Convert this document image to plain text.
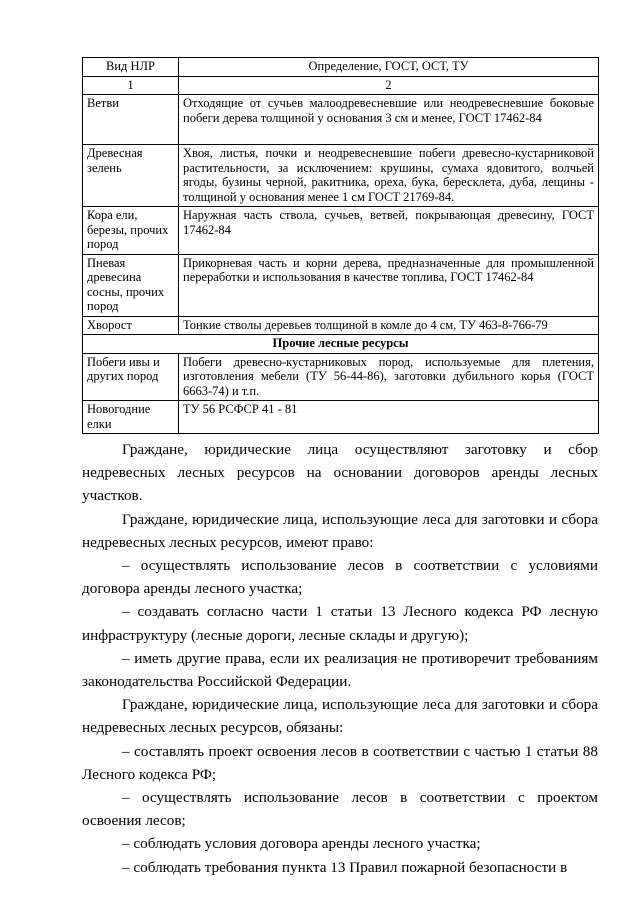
Вид НЛР	Определение, ГОСТ, ОСТ, ТУ
1	2
Ветви	Отходящие от сучьев малоодревесневшие или неодревесневшие боковые побеги дерева толщиной у основания 3 см и менее, ГОСТ 17462-84
Древесная зелень	Хвоя, листья, почки и неодревесневшие побеги древесно-кустарниковой растительности, за исключением: крушины, сумаха ядовитого, волчьей ягоды, бузины черной, ракитника, ореха, бука, бересклета, дуба, лещины - толщиной у основания менее 1 см ГОСТ 21769-84.
Кора ели, березы, прочих пород	Наружная часть ствола, сучьев, ветвей, покрывающая древесину, ГОСТ 17462-84
Пневая древесина сосны, прочих пород	Прикорневая часть и корни дерева, предназначенные для промышленной переработки и использования в качестве топлива, ГОСТ 17462-84
Хворост	Тонкие стволы деревьев толщиной в комле до 4 см, ТУ 463-8-766-79
Прочие лесные ресурсы	
Побеги ивы и других пород	Побеги древесно-кустарниковых пород, используемые для плетения, изготовления мебели (ТУ 56-44-86), заготовки дубильного корья (ГОСТ 6663-74) и т.п.
Новогодние елки	ТУ 56 РСФСР 41 - 81

Граждане, юридические лица осуществляют заготовку и сбор недревесных лесных ресурсов на основании договоров аренды лесных участков.

Граждане, юридические лица, использующие леса для заготовки и сбора недревесных лесных ресурсов, имеют право:

– осуществлять использование лесов в соответствии с условиями договора аренды лесного участка;

– создавать согласно части 1 статьи 13 Лесного кодекса РФ лесную инфраструктуру (лесные дороги, лесные склады и другую);

– иметь другие права, если их реализация не противоречит требованиям законодательства Российской Федерации.

Граждане, юридические лица, использующие леса для заготовки и сбора недревесных лесных ресурсов, обязаны:

– составлять проект освоения лесов в соответствии с частью 1 статьи 88 Лесного кодекса РФ;

– осуществлять использование лесов в соответствии с проектом освоения лесов;

– соблюдать условия договора аренды лесного участка;

– соблюдать требования пункта 13 Правил пожарной безопасности в
